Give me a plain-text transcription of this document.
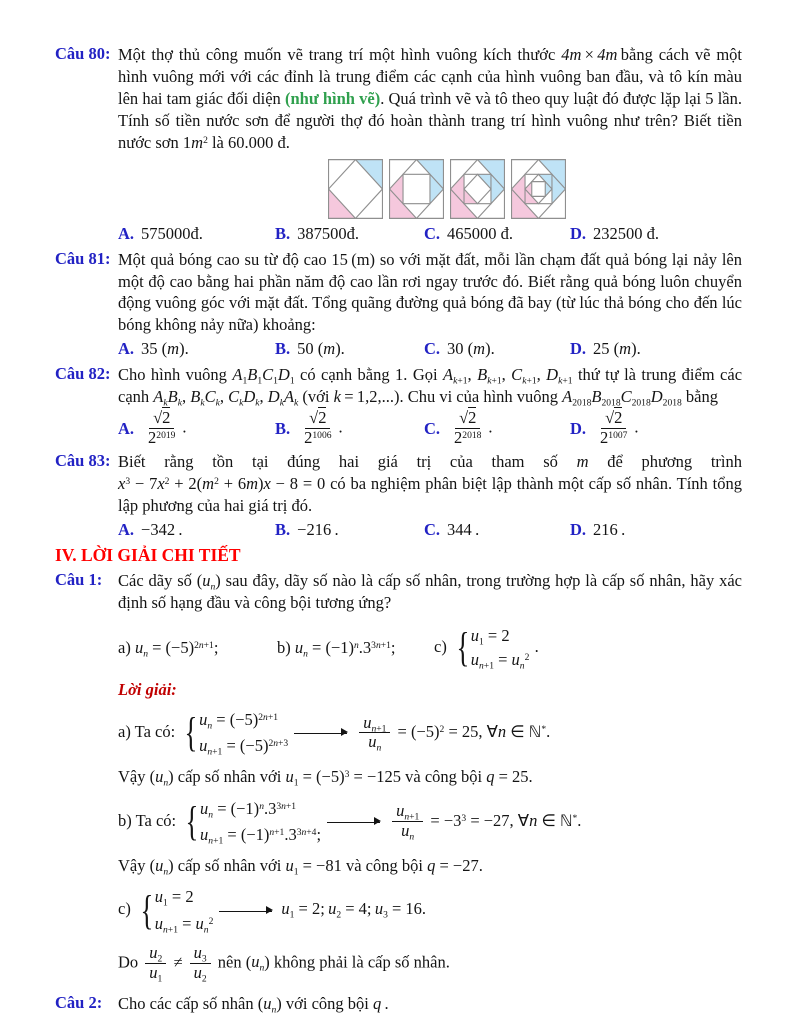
Câu 80: Một thợ thủ công muốn vẽ trang trí một hình vuông kích thước 4m × 4m bằng cách vẽ một hình vuông mới với các đỉnh là trung điểm các cạnh của hình vuông ban đầu, và tô kín màu lên hai tam giác đối diện (như hình vẽ). Quá trình vẽ và tô theo quy luật đó được lặp lại 5 lần. Tính số tiền nước sơn để người thợ đó hoàn thành trang trí hình vuông như trên? Biết tiền nước sơn $1m^2$ là 60.000 đ.
A. 575000đ.	B. 387500đ.	C. 465000 đ.	D. 232500 đ.
Câu 81: Một quả bóng cao su từ độ cao 15 (m) so với mặt đất, mỗi lần chạm đất quả bóng lại nảy lên một độ cao bằng hai phần năm độ cao lần rơi ngay trước đó. Biết rằng quả bóng luôn chuyển động vuông góc với mặt đất. Tổng quãng đường quả bóng đã bay (từ lúc thả bóng cho đến lúc bóng không nảy nữa) khoảng:
A. 35 (m).	B. 50 (m).	C. 30 (m).	D. 25 (m).
Câu 82: Cho hình vuông $A_1B_1C_1D_1$ có cạnh bằng 1. Gọi $A_{k+1}$, $B_{k+1}$, $C_{k+1}$, $D_{k+1}$ thứ tự là trung điểm các cạnh $A_kB_k$, $B_kC_k$, $C_kD_k$, $D_kA_k$ (với k = 1,2,...). Chu vi của hình vuông $A_{2018}B_{2018}C_{2018}D_{2018}$ bằng
A. $\frac{√2}{2^{2019}}$ .	B. $\frac{√2}{2^{1006}}$ .	C. $\frac{√2}{2^{2018}}$ .	D. $\frac{√2}{2^{1007}}$ .
Câu 83: Biết rằng tồn tại đúng hai giá trị của tham số m để phương trình $x^3 - 7x^2 + 2(m^2 + 6m)x - 8 = 0$ có ba nghiệm phân biệt lập thành một cấp số nhân. Tính tổng lập phương của hai giá trị đó.
A. −342 .	B. −216 .	C. 344 .	D. 216 .
IV. LỜI GIẢI CHI TIẾT
Câu 1: Các dãy số $(u_n)$ sau đây, dãy số nào là cấp số nhân, trong trường hợp là cấp số nhân, hãy xác định số hạng đầu và công bội tương ứng?
a) $u_n = (-5)^{2n+1}$;	b) $u_n = (-1)^n.3^{3n+1}$;	c) { $u_1 = 2$
$u_{n+1} = u_n^2$
 .
Lời giải:
a) Ta có: { $u_n = (-5)^{2n+1}$
$u_{n+1} = (-5)^{2n+3}$	$\frac{u_{n+1}}{u_n} = (-5)^2 = 25$, ∀n ∈ ℕ*.
Vậy $(u_n)$ cấp số nhân với $u_1 = (-5)^3 = -125$ và công bội q = 25.
b) Ta có: { $u_n = (-1)^n.3^{3n+1}$
$u_{n+1} = (-1)^{n+1}.3^{3n+4}$;	$\frac{u_{n+1}}{u_n} = -3^3 = -27$, ∀n ∈ ℕ*.
Vậy $(u_n)$ cấp số nhân với $u_1 = -81$ và công bội q = −27.
c) { $u_1 = 2$
$u_{n+1} = u_n^2$
$u_1 = 2$; $u_2 = 4$; $u_3 = 16$.
Do $\frac{u_2}{u_1} \ne \frac{u_3}{u_2}$ nên $(u_n)$ không phải là cấp số nhân.
Câu 2: Cho các cấp số nhân $(u_n)$ với công bội q .
